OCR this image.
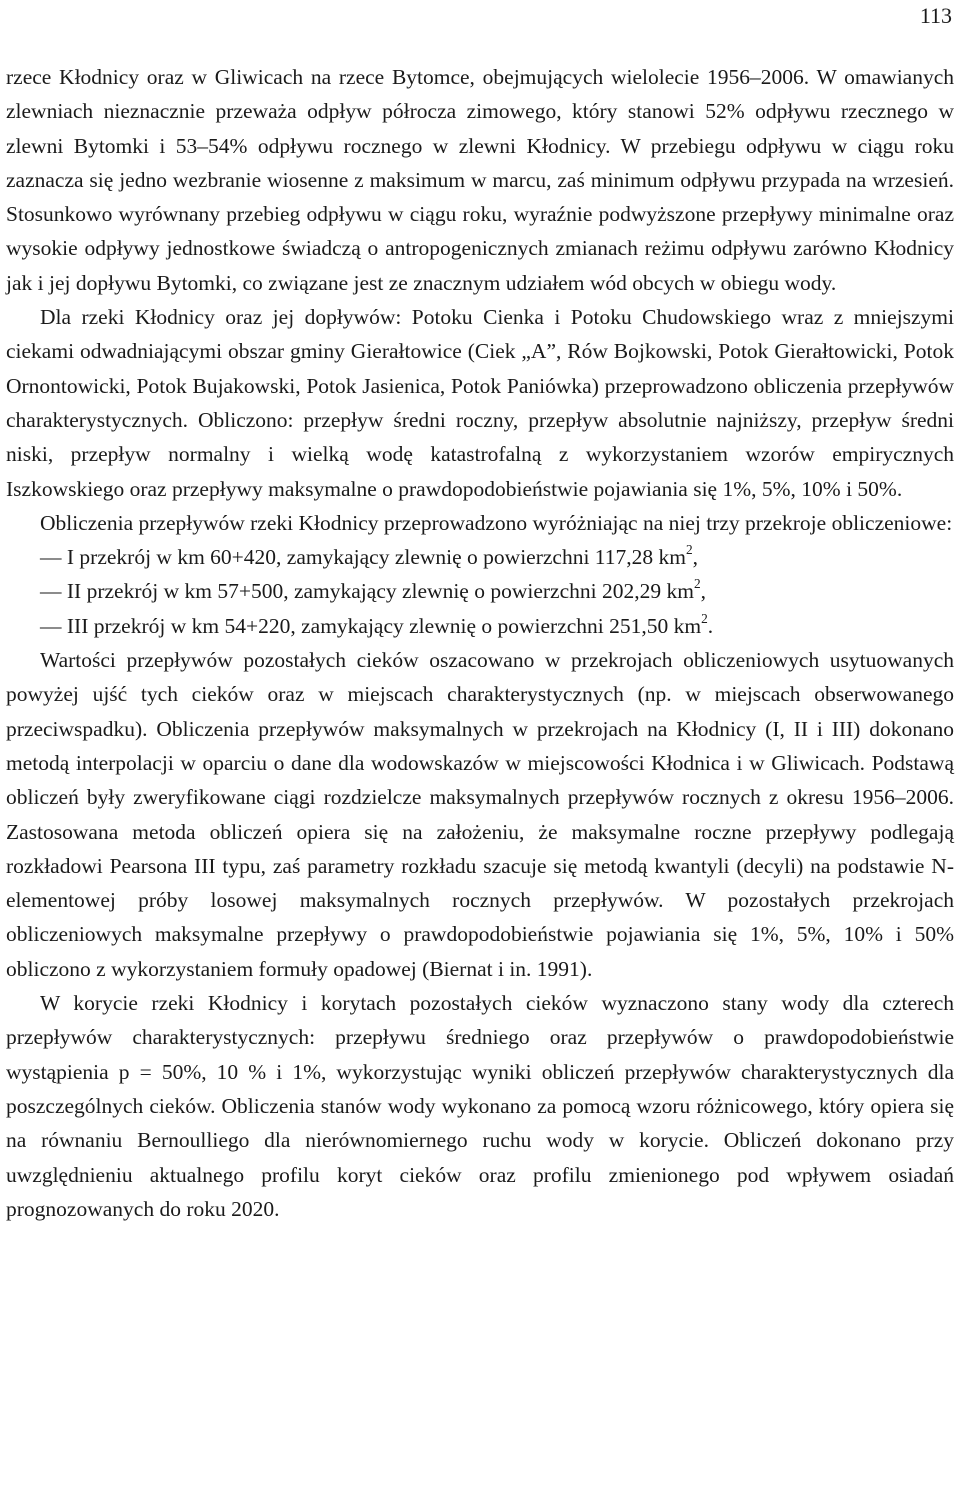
113

rzece Kłodnicy oraz w Gliwicach na rzece Bytomce, obejmujących wielolecie 1956–2006. W omawianych zlewniach nieznacznie przeważa odpływ półrocza zimowego, który stanowi 52% odpływu rzecznego w zlewni Bytomki i 53–54% odpływu rocznego w zlewni Kłodnicy. W przebiegu odpływu w ciągu roku zaznacza się jedno wezbranie wiosenne z maksimum w marcu, zaś minimum odpływu przypada na wrzesień. Stosunkowo wyrównany przebieg odpływu w ciągu roku, wyraźnie podwyższone przepływy minimalne oraz wysokie odpływy jednostkowe świadczą o antropogenicznych zmianach reżimu odpływu zarówno Kłodnicy jak i jej dopływu Bytomki, co związane jest ze znacznym udziałem wód obcych w obiegu wody.

Dla rzeki Kłodnicy oraz jej dopływów: Potoku Cienka i Potoku Chudowskiego wraz z mniejszymi ciekami odwadniającymi obszar gminy Gierałtowice (Ciek „A”, Rów Bojkowski, Potok Gierałtowicki, Potok Ornontowicki, Potok Bujakowski, Potok Jasienica, Potok Paniówka) przeprowadzono obliczenia przepływów charakterystycznych. Obliczono: przepływ średni roczny, przepływ absolutnie najniższy, przepływ średni niski, przepływ normalny i wielką wodę katastrofalną z wykorzystaniem wzorów empirycznych Iszkowskiego oraz przepływy maksymalne o prawdopodobieństwie pojawiania się 1%, 5%, 10% i 50%.

Obliczenia przepływów rzeki Kłodnicy przeprowadzono wyróżniając na niej trzy przekroje obliczeniowe:

— I przekrój w km 60+420, zamykający zlewnię o powierzchni 117,28 $km^2$,

— II przekrój w km 57+500, zamykający zlewnię o powierzchni 202,29 $km^2$,

— III przekrój w km 54+220, zamykający zlewnię o powierzchni 251,50 $km^2$.

Wartości przepływów pozostałych cieków oszacowano w przekrojach obliczeniowych usytuowanych powyżej ujść tych cieków oraz w miejscach charakterystycznych (np. w miejscach obserwowanego przeciwspadku). Obliczenia przepływów maksymalnych w przekrojach na Kłodnicy (I, II i III) dokonano metodą interpolacji w oparciu o dane dla wodowskazów w miejscowości Kłodnica i w Gliwicach. Podstawą obliczeń były zweryfikowane ciągi rozdzielcze maksymalnych przepływów rocznych z okresu 1956–2006. Zastosowana metoda obliczeń opiera się na założeniu, że maksymalne roczne przepływy podlegają rozkładowi Pearsona III typu, zaś parametry rozkładu szacuje się metodą kwantyli (decyli) na podstawie N-elementowej próby losowej maksymalnych rocznych przepływów. W pozostałych przekrojach obliczeniowych maksymalne przepływy o prawdopodobieństwie pojawiania się 1%, 5%, 10% i 50% obliczono z wykorzystaniem formuły opadowej (Biernat i in. 1991).

W korycie rzeki Kłodnicy i korytach pozostałych cieków wyznaczono stany wody dla czterech przepływów charakterystycznych: przepływu średniego oraz przepływów o prawdopodobieństwie wystąpienia p = 50%, 10 % i 1%, wykorzystując wyniki obliczeń przepływów charakterystycznych dla poszczególnych cieków. Obliczenia stanów wody wykonano za pomocą wzoru różnicowego, który opiera się na równaniu Bernoulliego dla nierównomiernego ruchu wody w korycie. Obliczeń dokonano przy uwzględnieniu aktualnego profilu koryt cieków oraz profilu zmienionego pod wpływem osiadań prognozowanych do roku 2020.
